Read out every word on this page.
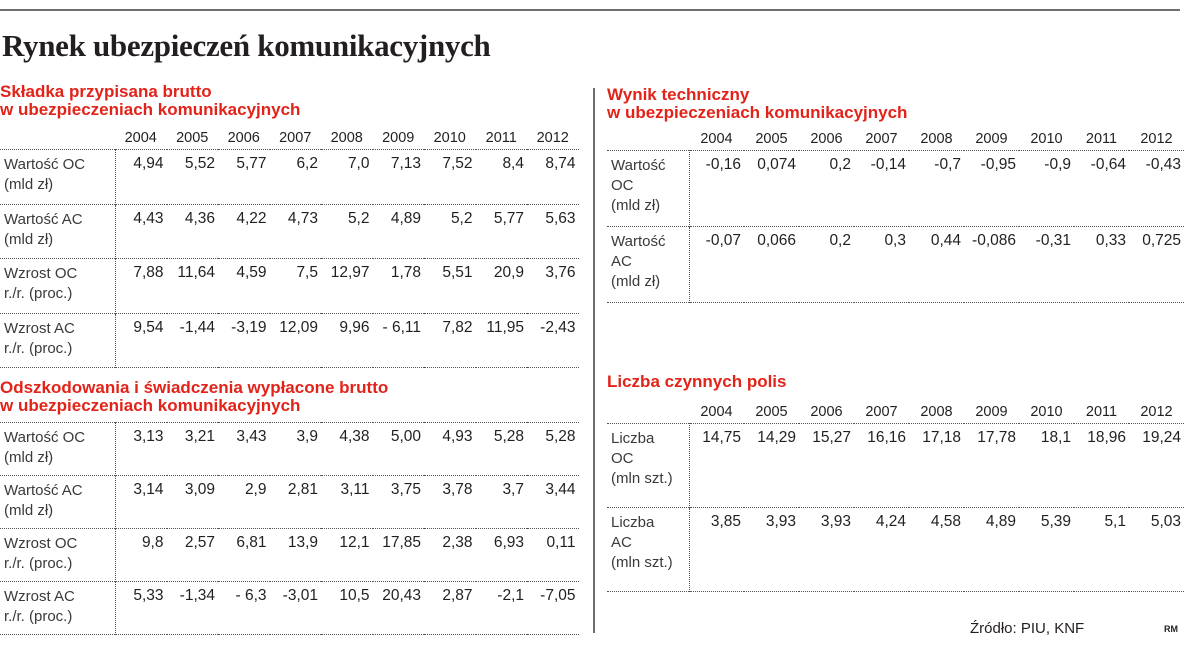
Rynek ubezpieczeń komunikacyjnych
Składka przypisana brutto
w ubezpieczeniach komunikacyjnych
	2004	2005	2006	2007	2008	2009	2010	2011	2012

Wartość OC
(mld zł)	4,94	5,52	5,77	6,2	7,0	7,13	7,52	8,4	8,74

Wartość AC
(mld zł)	4,43	4,36	4,22	4,73	5,2	4,89	5,2	5,77	5,63

Wzrost OC
r./r. (proc.)	7,88	11,64	4,59	7,5	12,97	1,78	5,51	20,9	3,76

Wzrost AC
r./r. (proc.)	9,54	-1,44	-3,19	12,09	9,96	- 6,11	7,82	11,95	-2,43
Odszkodowania i świadczenia wypłacone brutto
w ubezpieczeniach komunikacyjnych
Wartość OC
(mld zł)	3,13	3,21	3,43	3,9	4,38	5,00	4,93	5,28	5,28

Wartość AC
(mld zł)	3,14	3,09	2,9	2,81	3,11	3,75	3,78	3,7	3,44

Wzrost OC
r./r. (proc.)	9,8	2,57	6,81	13,9	12,1	17,85	2,38	6,93	0,11

Wzrost AC
r./r. (proc.)	5,33	-1,34	- 6,3	-3,01	10,5	20,43	2,87	-2,1	-7,05
Wynik techniczny
w ubezpieczeniach komunikacyjnych
	2004	2005	2006	2007	2008	2009	2010	2011	2012

Wartość
OC
(mld zł)	-0,16	0,074	0,2	-0,14	-0,7	-0,95	-0,9	-0,64	-0,43

Wartość
AC
(mld zł)	-0,07	0,066	0,2	0,3	0,44	-0,086	-0,31	0,33	0,725
Liczba czynnych polis
	2004	2005	2006	2007	2008	2009	2010	2011	2012

Liczba
OC
(mln szt.)	14,75	14,29	15,27	16,16	17,18	17,78	18,1	18,96	19,24

Liczba
AC
(mln szt.)	3,85	3,93	3,93	4,24	4,58	4,89	5,39	5,1	5,03
Źródło: PIU, KNF	RM
